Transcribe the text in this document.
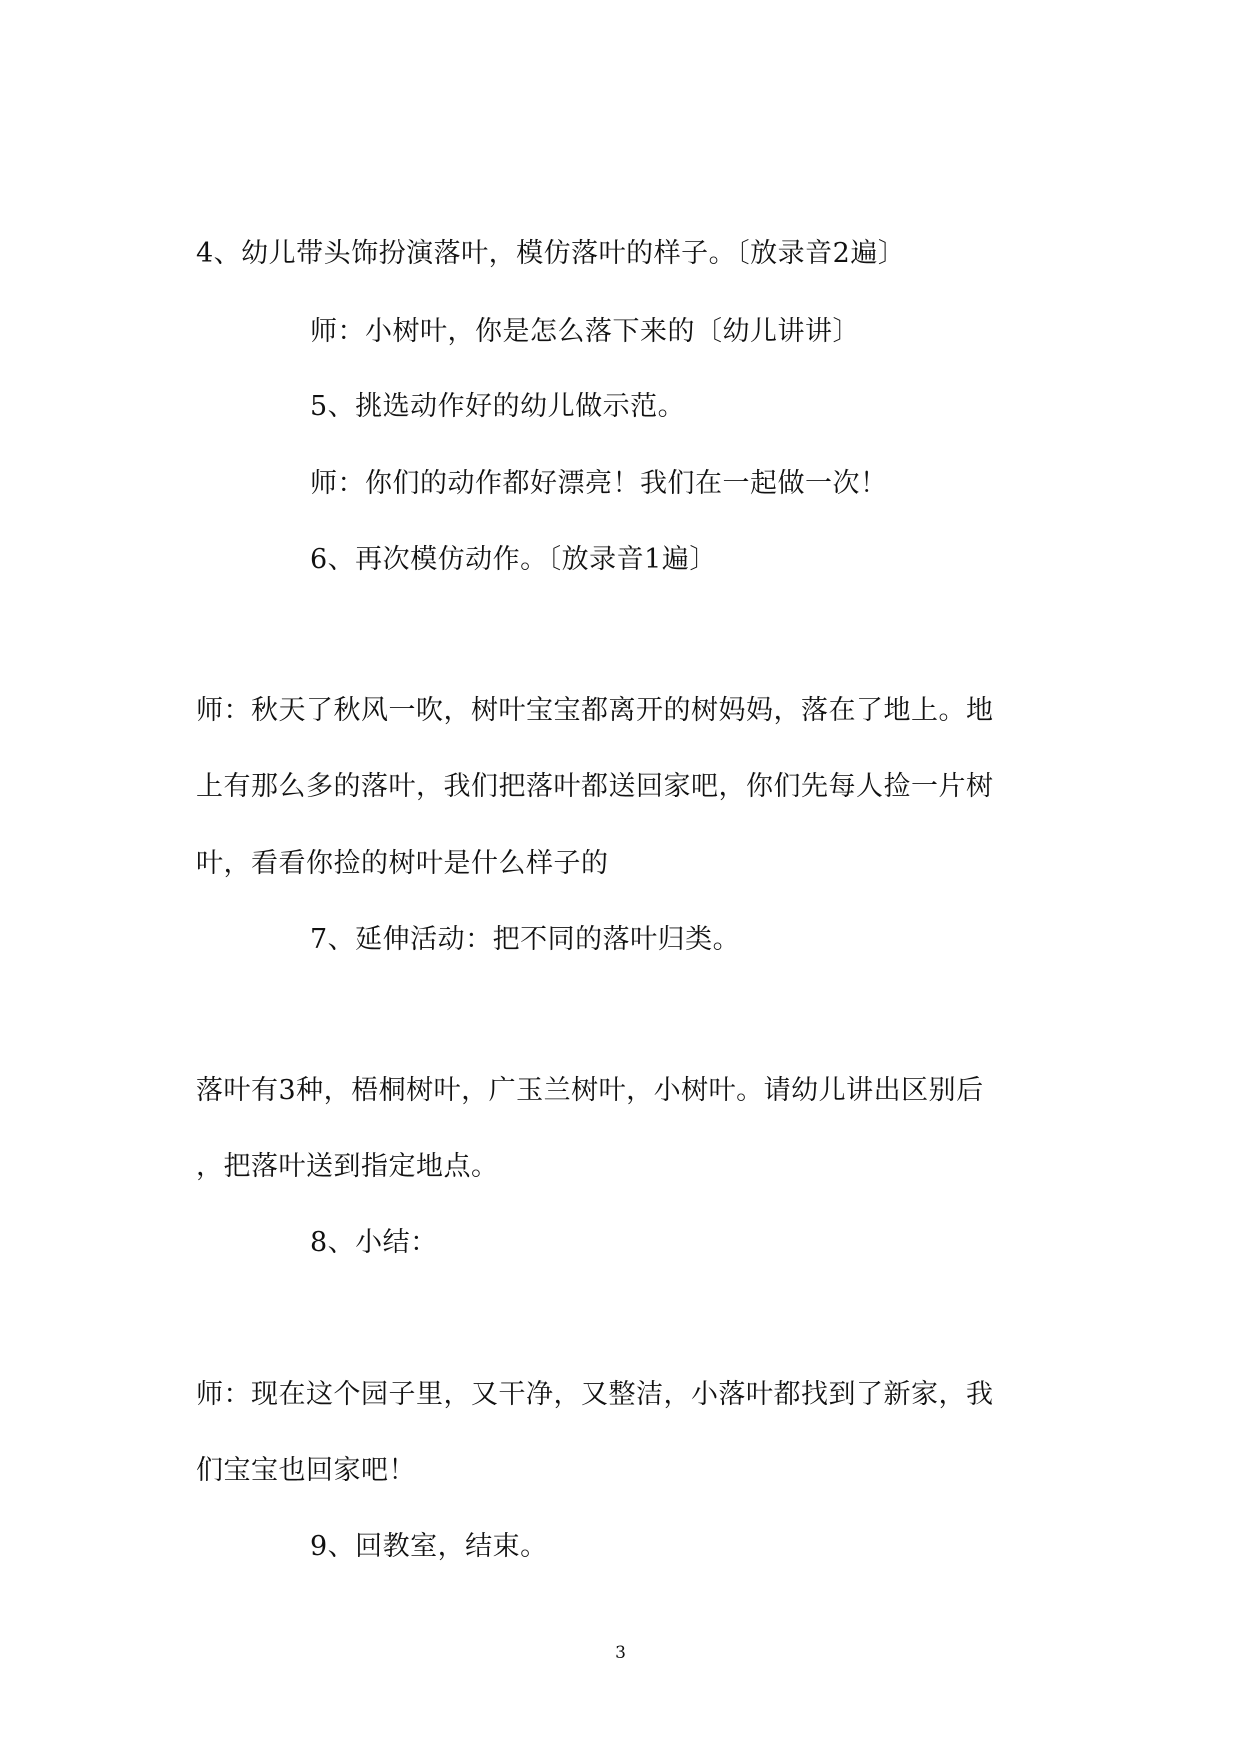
4、幼儿带头饰扮演落叶，模仿落叶的样子。〔放录音2遍〕
师：小树叶，你是怎么落下来的〔幼儿讲讲〕
5、挑选动作好的幼儿做示范。
师：你们的动作都好漂亮！我们在一起做一次！
6、再次模仿动作。〔放录音1遍〕
师：秋天了秋风一吹，树叶宝宝都离开的树妈妈，落在了地上。地
上有那么多的落叶，我们把落叶都送回家吧，你们先每人捡一片树
叶，看看你捡的树叶是什么样子的
7、延伸活动：把不同的落叶归类。
落叶有3种，梧桐树叶，广玉兰树叶，小树叶。请幼儿讲出区别后
，把落叶送到指定地点。
8、小结：
师：现在这个园子里，又干净，又整洁，小落叶都找到了新家，我
们宝宝也回家吧！
9、回教室，结束。
3
